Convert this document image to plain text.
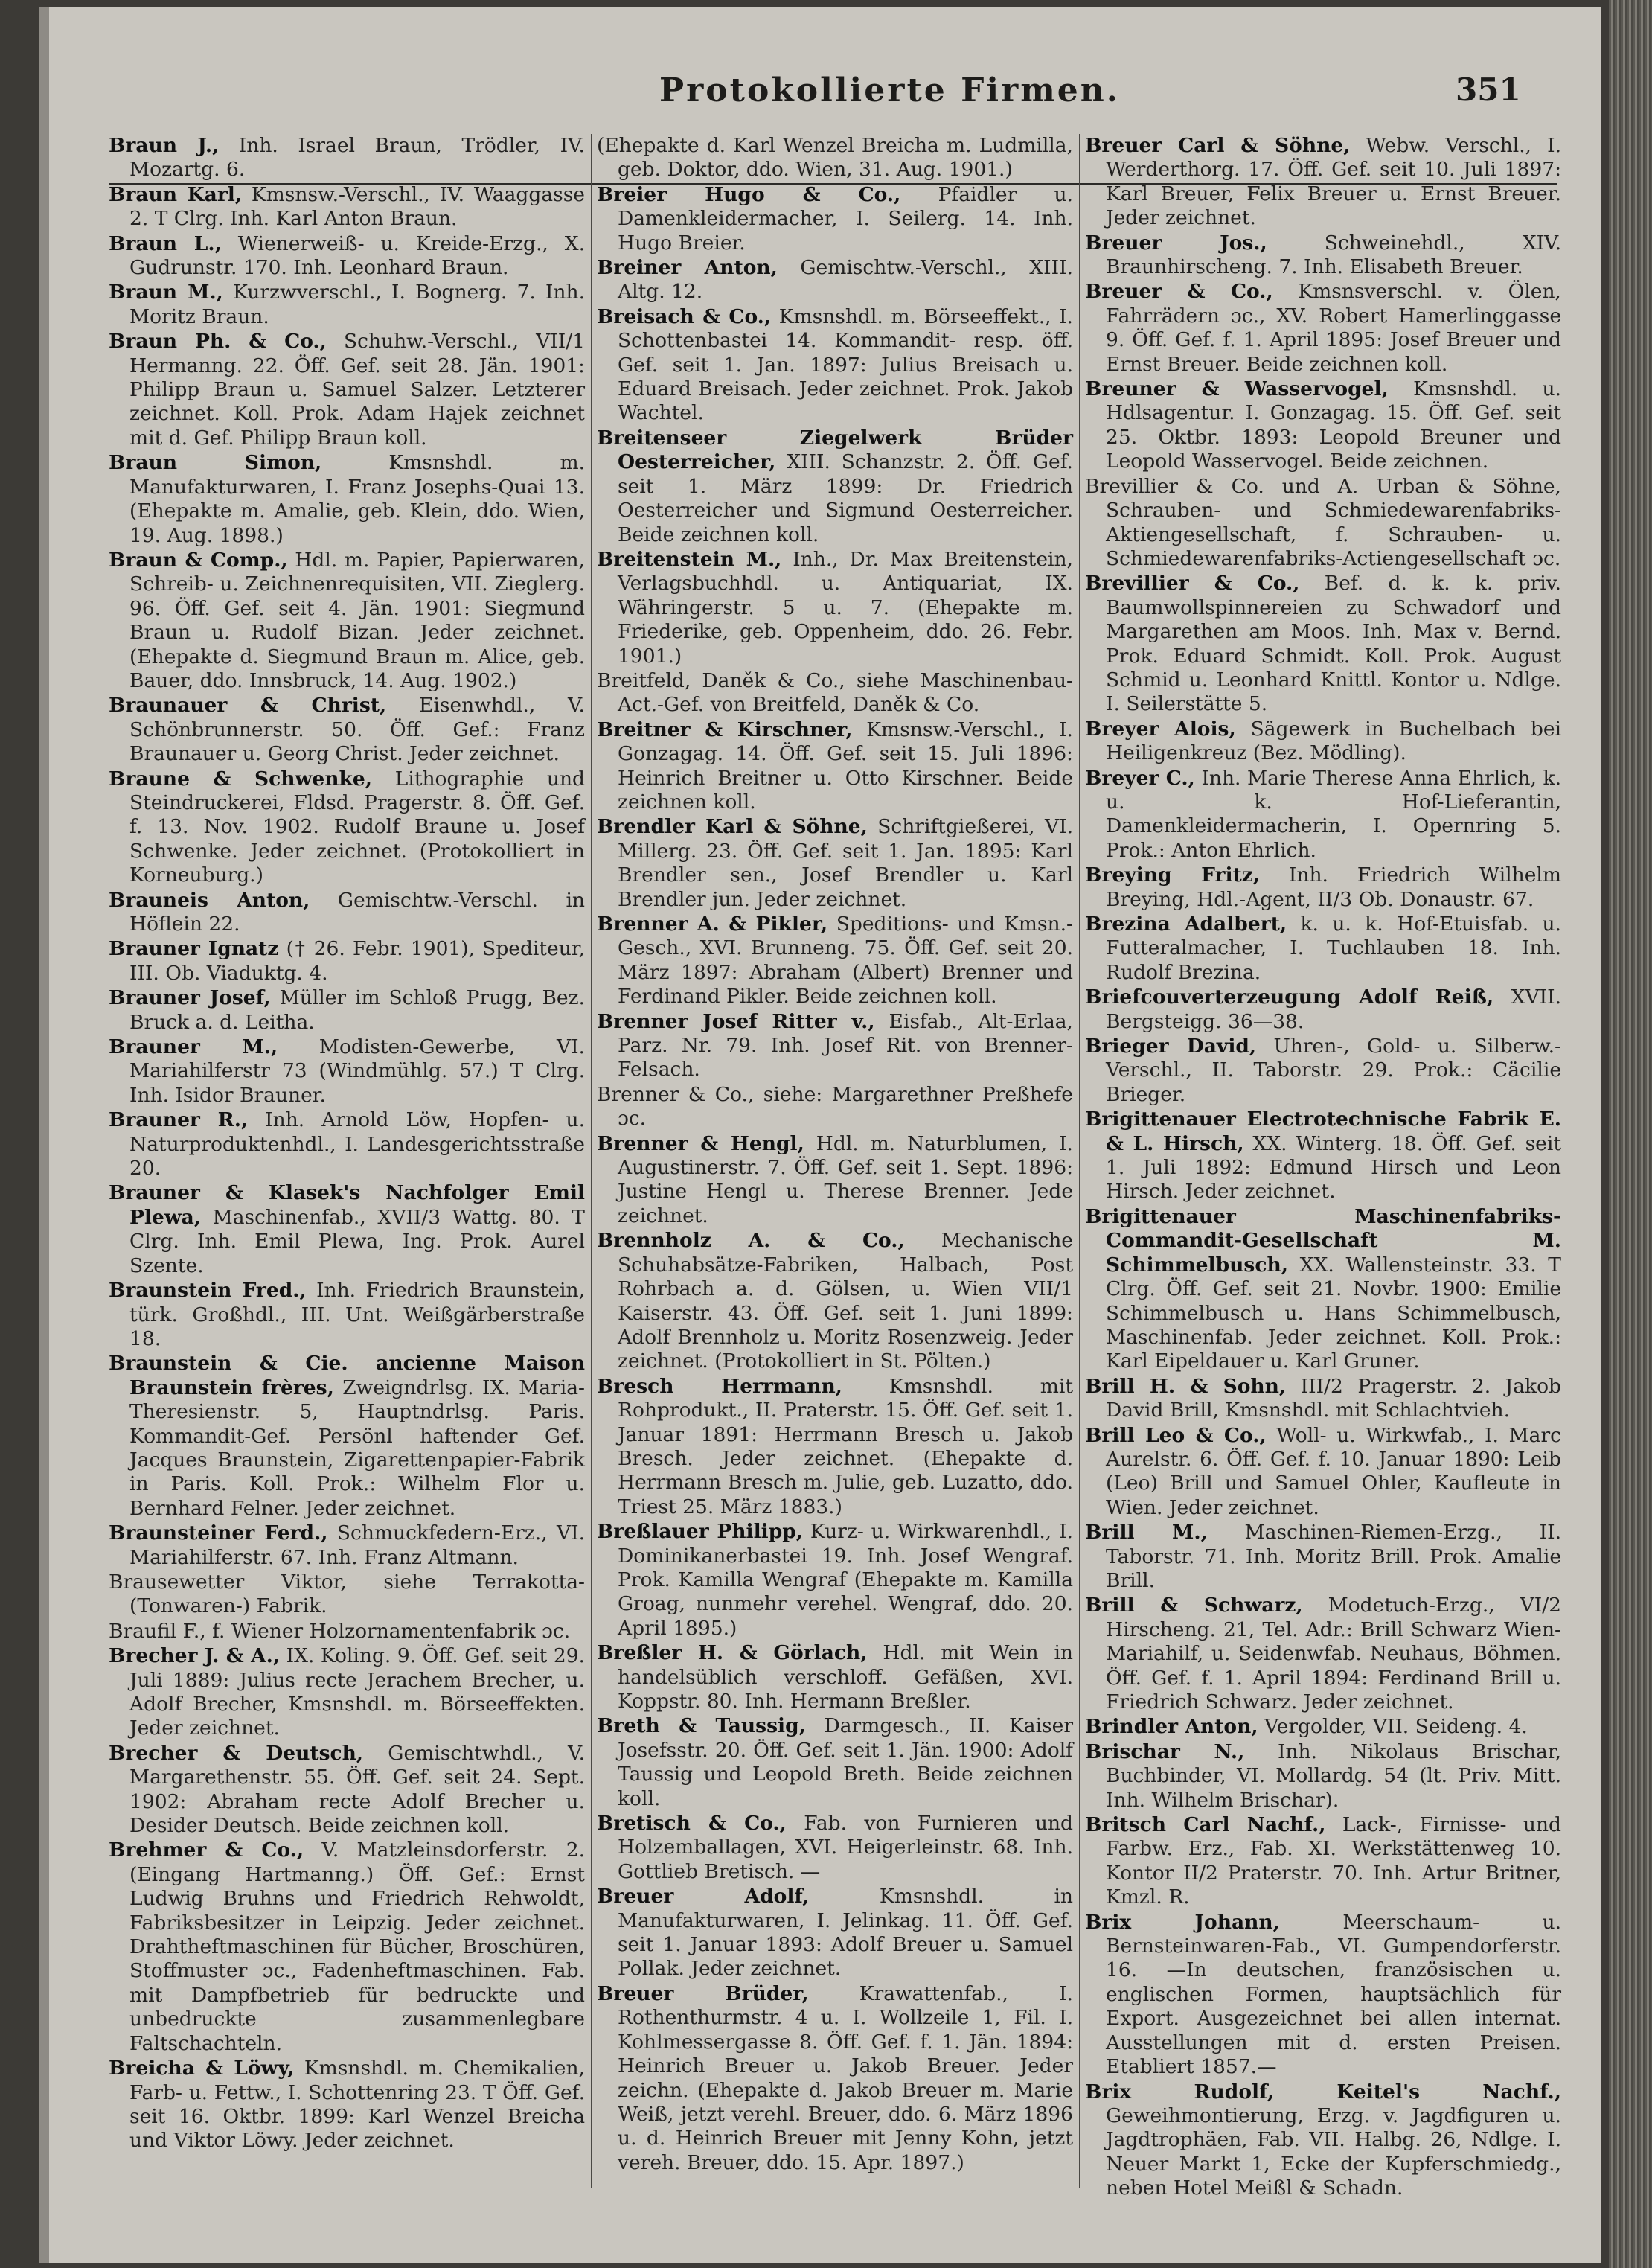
Protokollierte Firmen.	351

Braun J., Inh. Israel Braun, Trödler, IV. Mozartg. 6.

Braun Karl, Kmsnsw.-Verschl., IV. Waaggasse 2. T Clrg. Inh. Karl Anton Braun.

Braun L., Wienerweiß- u. Kreide-Erzg., X. Gudrunstr. 170. Inh. Leonhard Braun.

Braun M., Kurzwverschl., I. Bognerg. 7. Inh. Moritz Braun.

Braun Ph. & Co., Schuhw.-Verschl., VII/1 Hermanng. 22. Öff. Gef. seit 28. Jän. 1901: Philipp Braun u. Samuel Salzer. Letzterer zeichnet. Koll. Prok. Adam Hajek zeichnet mit d. Gef. Philipp Braun koll.

Braun Simon,	Kmsnshdl. m. Manufakturwaren, I. Franz Josephs-Quai 13. (Ehepakte m. Amalie, geb. Klein, ddo. Wien, 19. Aug. 1898.)

Braun & Comp., Hdl. m. Papier, Papierwaren, Schreib- u. Zeichnenrequisiten, VII. Zieglerg. 96. Öff. Gef. seit 4. Jän. 1901: Siegmund Braun u. Rudolf Bizan. Jeder zeichnet. (Ehepakte d. Siegmund Braun m. Alice, geb. Bauer, ddo. Innsbruck, 14. Aug. 1902.)

Braunauer & Christ, Eisenwhdl., V. Schönbrunnerstr. 50. Öff. Gef.: Franz Braunauer u. Georg Christ. Jeder zeichnet.

Braune & Schwenke, Lithographie und Steindruckerei, Fldsd. Pragerstr. 8. Öff. Gef. f. 13. Nov. 1902. Rudolf Braune u. Josef Schwenke. Jeder zeichnet. (Protokolliert in Korneuburg.)

Brauneis Anton, Gemischtw.-Verschl. in Höflein 22.

Brauner Ignatz († 26. Febr. 1901), Spediteur, III. Ob. Viaduktg. 4.

Brauner Josef, Müller im Schloß Prugg, Bez. Bruck a. d. Leitha.

Brauner M., Modisten-Gewerbe, VI. Mariahilferstr 73 (Windmühlg. 57.) T Clrg. Inh. Isidor Brauner.

Brauner R., Inh. Arnold Löw, Hopfen- u. Naturproduktenhdl., I. Landesgerichtsstraße 20.

Brauner & Klasek's Nachfolger Emil Plewa, Maschinenfab., XVII/3 Wattg. 80. T Clrg. Inh. Emil Plewa, Ing. Prok. Aurel Szente.

Braunstein Fred., Inh. Friedrich Braunstein, türk. Großhdl., III. Unt. Weißgärberstraße 18.

Braunstein & Cie. ancienne Maison Braunstein frères, Zweigndrlsg. IX. Maria-Theresienstr. 5, Hauptndrlsg. Paris. Kommandit-Gef. Persönl haftender Gef. Jacques Braunstein, Zigarettenpapier-Fabrik in Paris. Koll. Prok.: Wilhelm Flor u. Bernhard Felner. Jeder zeichnet.

Braunsteiner Ferd., Schmuckfedern-Erz., VI. Mariahilferstr. 67. Inh. Franz Altmann.

Brausewetter Viktor, siehe Terrakotta- (Tonwaren-) Fabrik.

Braufil F., f. Wiener Holzornamentenfabrik ɔc.

Brecher J. & A., IX. Koling. 9. Öff. Gef. seit 29. Juli 1889: Julius recte Jerachem Brecher, u. Adolf Brecher, Kmsnshdl. m. Börseeffekten. Jeder zeichnet.

Brecher & Deutsch, Gemischtwhdl., V. Margarethenstr. 55. Öff. Gef. seit 24. Sept. 1902: Abraham recte Adolf Brecher u. Desider Deutsch. Beide zeichnen koll.

Brehmer & Co., V. Matzleinsdorferstr. 2. (Eingang Hartmanng.) Öff. Gef.: Ernst Ludwig Bruhns und Friedrich Rehwoldt, Fabriksbesitzer in Leipzig. Jeder zeichnet. Drahtheftmaschinen für Bücher, Broschüren, Stoffmuster ɔc., Fadenheftmaschinen. Fab. mit Dampfbetrieb für bedruckte und unbedruckte zusammenlegbare Faltschachteln.

Breicha & Löwy, Kmsnshdl. m. Chemikalien, Farb- u. Fettw., I. Schottenring 23. T Öff. Gef. seit 16. Oktbr. 1899: Karl Wenzel Breicha und Viktor Löwy. Jeder zeichnet.

(Ehepakte d. Karl Wenzel Breicha m. Ludmilla, geb. Doktor, ddo. Wien, 31. Aug. 1901.)

Breier Hugo & Co., Pfaidler u. Damenkleidermacher, I. Seilerg. 14. Inh. Hugo Breier.

Breiner Anton, Gemischtw.-Verschl., XIII. Altg. 12.

Breisach & Co., Kmsnshdl. m. Börseeffekt., I. Schottenbastei 14. Kommandit- resp. öff. Gef. seit 1. Jan. 1897: Julius Breisach u. Eduard Breisach. Jeder zeichnet. Prok. Jakob Wachtel.

Breitenseer Ziegelwerk Brüder Oesterreicher, XIII. Schanzstr. 2. Öff. Gef. seit 1. März 1899: Dr. Friedrich Oesterreicher und Sigmund Oesterreicher. Beide zeichnen koll.

Breitenstein M., Inh., Dr. Max Breitenstein, Verlagsbuchhdl. u. Antiquariat, IX. Währingerstr. 5 u. 7. (Ehepakte m. Friederike, geb. Oppenheim, ddo. 26. Febr. 1901.)

Breitfeld, Daněk & Co., siehe Maschinenbau-Act.-Gef. von Breitfeld, Daněk & Co.

Breitner & Kirschner, Kmsnsw.-Verschl., I. Gonzagag. 14. Öff. Gef. seit 15. Juli 1896: Heinrich Breitner u. Otto Kirschner. Beide zeichnen koll.

Brendler Karl & Söhne, Schriftgießerei, VI. Millerg. 23. Öff. Gef. seit 1. Jan. 1895: Karl Brendler sen., Josef Brendler u. Karl Brendler jun. Jeder zeichnet.

Brenner A. & Pikler, Speditions- und Kmsn.-Gesch., XVI. Brunneng. 75. Öff. Gef. seit 20. März 1897: Abraham (Albert) Brenner und Ferdinand Pikler. Beide zeichnen koll.

Brenner Josef Ritter v., Eisfab., Alt-Erlaa, Parz. Nr. 79. Inh. Josef Rit. von Brenner-Felsach.

Brenner & Co., siehe: Margarethner Preßhefe ɔc.

Brenner & Hengl, Hdl. m. Naturblumen, I. Augustinerstr. 7. Öff. Gef. seit 1. Sept. 1896: Justine Hengl u. Therese Brenner. Jede zeichnet.

Brennholz A. & Co., Mechanische Schuhabsätze-Fabriken, Halbach, Post Rohrbach a. d. Gölsen, u. Wien VII/1 Kaiserstr. 43. Öff. Gef. seit 1. Juni 1899: Adolf Brennholz u. Moritz Rosenzweig. Jeder zeichnet. (Protokolliert in St. Pölten.)

Bresch Herrmann, Kmsnshdl. mit Rohprodukt., II. Praterstr. 15. Öff. Gef. seit 1. Januar 1891: Herrmann Bresch u. Jakob Bresch. Jeder zeichnet. (Ehepakte d. Herrmann Bresch m. Julie, geb. Luzatto, ddo. Triest 25. März 1883.)

Breßlauer Philipp, Kurz- u. Wirkwarenhdl., I. Dominikanerbastei 19. Inh. Josef Wengraf. Prok. Kamilla Wengraf (Ehepakte m. Kamilla Groag, nunmehr verehel. Wengraf, ddo. 20. April 1895.)

Breßler H. & Görlach, Hdl. mit Wein in handelsüblich verschloff. Gefäßen, XVI. Koppstr. 80. Inh. Hermann Breßler.

Breth & Taussig, Darmgesch., II. Kaiser Josefsstr. 20. Öff. Gef. seit 1. Jän. 1900: Adolf Taussig und Leopold Breth. Beide zeichnen koll.

Bretisch & Co., Fab. von Furnieren und Holzemballagen, XVI. Heigerleinstr. 68. Inh. Gottlieb Bretisch. —

Breuer Adolf,	Kmsnshdl. in Manufakturwaren, I. Jelinkag. 11. Öff. Gef. seit 1. Januar 1893: Adolf Breuer u. Samuel Pollak. Jeder zeichnet.

Breuer Brüder,	Krawattenfab., I. Rothenthurmstr. 4 u. I. Wollzeile 1, Fil. I. Kohlmessergasse 8. Öff. Gef. f. 1. Jän. 1894: Heinrich Breuer u. Jakob Breuer. Jeder zeichn. (Ehepakte d. Jakob Breuer m. Marie Weiß, jetzt verehl. Breuer, ddo. 6. März 1896 u. d. Heinrich Breuer mit Jenny Kohn, jetzt vereh. Breuer, ddo. 15. Apr. 1897.)

Breuer Carl & Söhne, Webw. Verschl., I. Werderthorg. 17. Öff. Gef. seit 10. Juli 1897: Karl Breuer, Felix Breuer u. Ernst Breuer. Jeder zeichnet.

Breuer Jos.,	Schweinehdl., XIV. Braunhirscheng. 7. Inh. Elisabeth Breuer.

Breuer & Co., Kmsnsverschl. v. Ölen, Fahrrädern ɔc., XV. Robert Hamerlinggasse 9. Öff. Gef. f. 1. April 1895: Josef Breuer und Ernst Breuer. Beide zeichnen koll.

Breuner & Wasservogel, Kmsnshdl. u. Hdlsagentur. I. Gonzagag. 15. Öff. Gef. seit 25. Oktbr. 1893: Leopold Breuner und Leopold Wasservogel. Beide zeichnen.

Brevillier & Co. und A. Urban & Söhne, Schrauben- und Schmiedewarenfabriks-Aktiengesellschaft, f. Schrauben- u. Schmiedewarenfabriks-Actiengesellschaft ɔc.

Brevillier & Co., Bef. d. k. k. priv. Baumwollspinnereien zu Schwadorf und Margarethen am Moos. Inh. Max v. Bernd. Prok. Eduard Schmidt. Koll. Prok. August Schmid u. Leonhard Knittl. Kontor u. Ndlge. I. Seilerstätte 5.

Breyer Alois, Sägewerk in Buchelbach bei Heiligenkreuz (Bez. Mödling).

Breyer C., Inh. Marie Therese Anna Ehrlich, k. u. k. Hof-Lieferantin, Damenkleidermacherin, I. Opernring 5. Prok.: Anton Ehrlich.

Breying Fritz, Inh. Friedrich Wilhelm Breying, Hdl.-Agent, II/3 Ob. Donaustr. 67.

Brezina Adalbert, k. u. k. Hof-Etuisfab. u. Futteralmacher, I. Tuchlauben 18. Inh. Rudolf Brezina.

Briefcouverterzeugung Adolf Reiß, XVII. Bergsteigg. 36—38.

Brieger David, Uhren-, Gold- u. Silberw.-Verschl., II. Taborstr. 29. Prok.: Cäcilie Brieger.

Brigittenauer Electrotechnische Fabrik E. & L. Hirsch, XX. Winterg. 18. Öff. Gef. seit 1. Juli 1892: Edmund Hirsch und Leon Hirsch. Jeder zeichnet.

Brigittenauer Maschinenfabriks-Commandit-Gesellschaft M. Schimmelbusch, XX. Wallensteinstr. 33. T Clrg. Öff. Gef. seit 21. Novbr. 1900: Emilie Schimmelbusch u. Hans Schimmelbusch, Maschinenfab. Jeder zeichnet. Koll. Prok.: Karl Eipeldauer u. Karl Gruner.

Brill H. & Sohn, III/2 Pragerstr. 2. Jakob David Brill, Kmsnshdl. mit Schlachtvieh.

Brill Leo & Co., Woll- u. Wirkwfab., I. Marc Aurelstr. 6. Öff. Gef. f. 10. Januar 1890: Leib (Leo) Brill und Samuel Ohler, Kaufleute in Wien. Jeder zeichnet.

Brill M., Maschinen-Riemen-Erzg., II. Taborstr. 71. Inh. Moritz Brill. Prok. Amalie Brill.

Brill & Schwarz, Modetuch-Erzg., VI/2 Hirscheng. 21, Tel. Adr.: Brill Schwarz Wien-Mariahilf, u. Seidenwfab. Neuhaus, Böhmen. Öff. Gef. f. 1. April 1894: Ferdinand Brill u. Friedrich Schwarz. Jeder zeichnet.

Brindler Anton, Vergolder, VII. Seideng. 4.

Brischar N., Inh. Nikolaus Brischar, Buchbinder, VI. Mollardg. 54 (lt. Priv. Mitt. Inh. Wilhelm Brischar).

Britsch Carl Nachf., Lack-, Firnisse- und Farbw. Erz., Fab. XI. Werkstättenweg 10. Kontor II/2 Praterstr. 70. Inh. Artur Britner, Kmzl. R.

Brix Johann,	Meerschaum- u. Bernsteinwaren-Fab., VI. Gumpendorferstr. 16. —In deutschen, französischen u. englischen Formen, hauptsächlich für Export. Ausgezeichnet bei allen internat. Ausstellungen mit d. ersten Preisen. Etabliert 1857.—

Brix Rudolf, Keitel's Nachf., Geweihmontierung, Erzg. v. Jagdfiguren u. Jagdtrophäen, Fab. VII. Halbg. 26, Ndlge. I. Neuer Markt 1, Ecke der Kupferschmiedg., neben Hotel Meißl & Schadn.
